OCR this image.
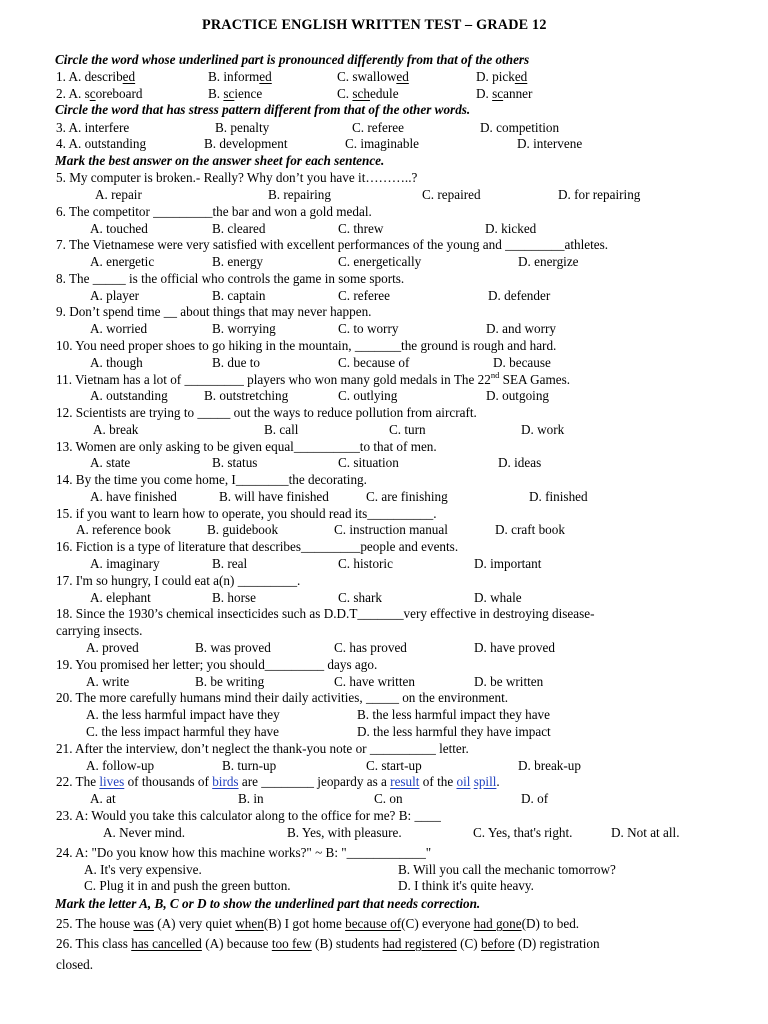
PRACTICE ENGLISH WRITTEN TEST – GRADE 12
Circle the word whose underlined part is pronounced differently from that of the others
1. A. described	B. informed	C. swallowed	D. picked
2. A. scoreboard	B. science	C. schedule	D. scanner
Circle the word that has stress pattern different from that of the other words.
3. A. interfere	B. penalty	C. referee	D. competition
4. A. outstanding	B. development	C. imaginable	D. intervene
Mark the best answer on the answer sheet for each sentence.
5. My computer is broken.- Really? Why don’t you have it………..?
A. repair	B. repairing	C. repaired	D. for repairing
6. The competitor _________the bar and won a gold medal.
A. touched	B. cleared	C. threw	D. kicked
7. The Vietnamese were very satisfied with excellent performances of the young and _________athletes.
A. energetic	B. energy	C. energetically	D. energize
8. The _____ is the official who controls the game in some sports.
A. player	B. captain	C. referee	D. defender
9. Don’t spend time __ about things that may never happen.
A. worried	B. worrying	C. to worry	D. and worry
10. You need proper shoes to go hiking in the mountain, _______the ground is rough and hard.
A. though	B. due to	C. because of	D. because
11. Vietnam has a lot of _________ players who won many gold medals in The 22nd SEA Games.
A. outstanding	B. outstretching	C. outlying	D. outgoing
12. Scientists are trying to _____ out the ways to reduce pollution from aircraft.
A. break	B. call	C. turn	D. work
13. Women are only asking to be given equal__________to that of men.
A. state	B. status	C. situation	D. ideas
14. By the time you come home, I________the decorating.
A. have finished	B. will have finished	C. are finishing	D. finished
15. if you want to learn how to operate, you should read its__________.
A. reference book	B. guidebook	C. instruction manual	D. craft book
16. Fiction is a type of literature that describes_________people and events.
A. imaginary	B. real	C. historic	D. important
17. I'm so hungry, I could eat a(n) _________.
A. elephant	B. horse	C. shark	D. whale
18. Since the 1930’s chemical insecticides such as D.D.T_______very effective in destroying disease-
carrying insects.
A. proved	B. was proved	C. has proved	D. have proved
19. You promised her letter; you should_________ days ago.
A. write	B. be writing	C. have written	D. be written
20. The more carefully humans mind their daily activities, _____ on the environment.
A. the less harmful impact have they	B. the less harmful impact they have
C. the less impact harmful they have	D. the less harmful they have impact
21. After the interview, don’t neglect the thank-you note or __________ letter.
A. follow-up	B. turn-up	C. start-up	D. break-up
22. The lives of thousands of birds are ________ jeopardy as a result of the oil spill.
A. at	B. in	C. on	D. of
23. A: Would you take this calculator along to the office for me? B: ____
A. Never mind.	B. Yes, with pleasure.	C. Yes, that's right.	D. Not at all.
24. A: "Do you know how this machine works?" ~ B: "____________"
A. It's very expensive.	B. Will you call the mechanic tomorrow?
C. Plug it in and push the green button.	D. I think it's quite heavy.
Mark the letter A, B, C or D to show the underlined part that needs correction.
25. The house was (A) very quiet when(B) I got home because of(C) everyone had gone(D) to bed.
26. This class has cancelled (A) because too few (B) students had registered (C) before (D) registration
closed.
